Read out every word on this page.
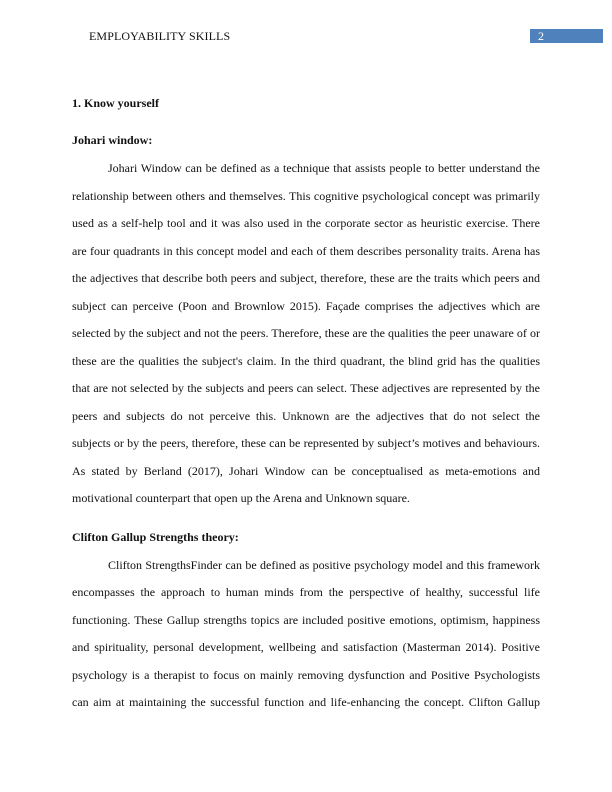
EMPLOYABILITY SKILLS	2
1. Know yourself
Johari window:
Johari Window can be defined as a technique that assists people to better understand the
relationship between others and themselves. This cognitive psychological concept was primarily
used as a self-help tool and it was also used in the corporate sector as heuristic exercise. There
are four quadrants in this concept model and each of them describes personality traits. Arena has
the adjectives that describe both peers and subject, therefore, these are the traits which peers and
subject can perceive (Poon and Brownlow 2015). Façade comprises the adjectives which are
selected by the subject and not the peers. Therefore, these are the qualities the peer unaware of or
these are the qualities the subject's claim. In the third quadrant, the blind grid has the qualities
that are not selected by the subjects and peers can select. These adjectives are represented by the
peers and subjects do not perceive this. Unknown are the adjectives that do not select the
subjects or by the peers, therefore, these can be represented by subject’s motives and behaviours.
As stated by Berland (2017), Johari Window can be conceptualised as meta-emotions and
motivational counterpart that open up the Arena and Unknown square.
Clifton Gallup Strengths theory:
Clifton StrengthsFinder can be defined as positive psychology model and this framework
encompasses the approach to human minds from the perspective of healthy, successful life
functioning. These Gallup strengths topics are included positive emotions, optimism, happiness
and spirituality, personal development, wellbeing and satisfaction (Masterman 2014). Positive
psychology is a therapist to focus on mainly removing dysfunction and Positive Psychologists
can aim at maintaining the successful function and life-enhancing the concept. Clifton Gallup
